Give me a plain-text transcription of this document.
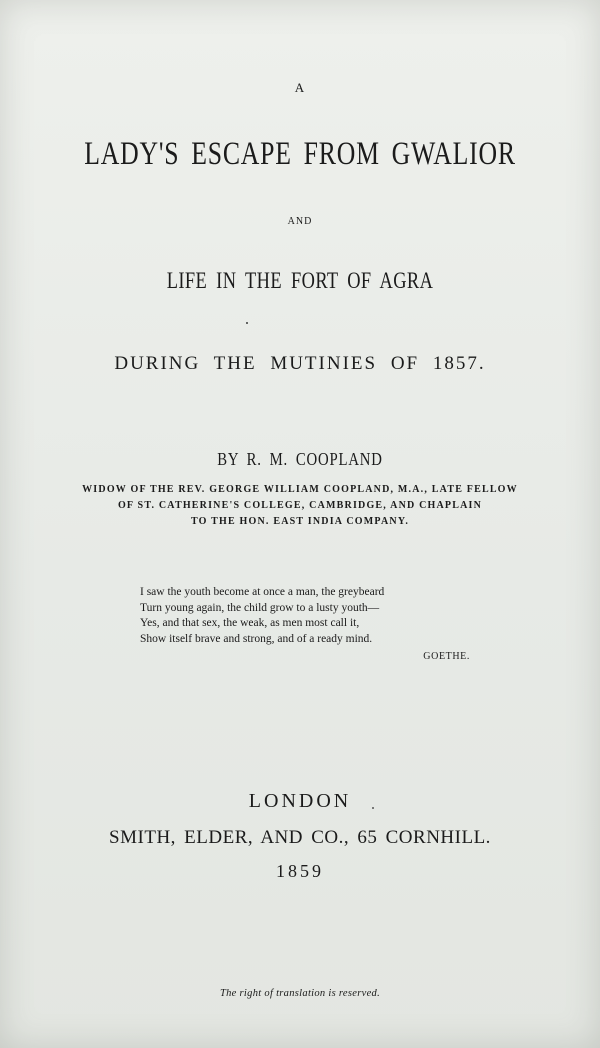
A
LADY'S ESCAPE FROM GWALIOR
AND
LIFE IN THE FORT OF AGRA
DURING THE MUTINIES OF 1857.
BY R. M. COOPLAND
WIDOW OF THE REV. GEORGE WILLIAM COOPLAND, M.A., LATE FELLOW
OF ST. CATHERINE'S COLLEGE, CAMBRIDGE, AND CHAPLAIN
TO THE HON. EAST INDIA COMPANY.
I saw the youth become at once a man, the greybeard
Turn young again, the child grow to a lusty youth—
Yes, and that sex, the weak, as men most call it,
Show itself brave and strong, and of a ready mind.
GOETHE.
LONDON
SMITH, ELDER, AND CO., 65 CORNHILL.
1859
The right of translation is reserved.
